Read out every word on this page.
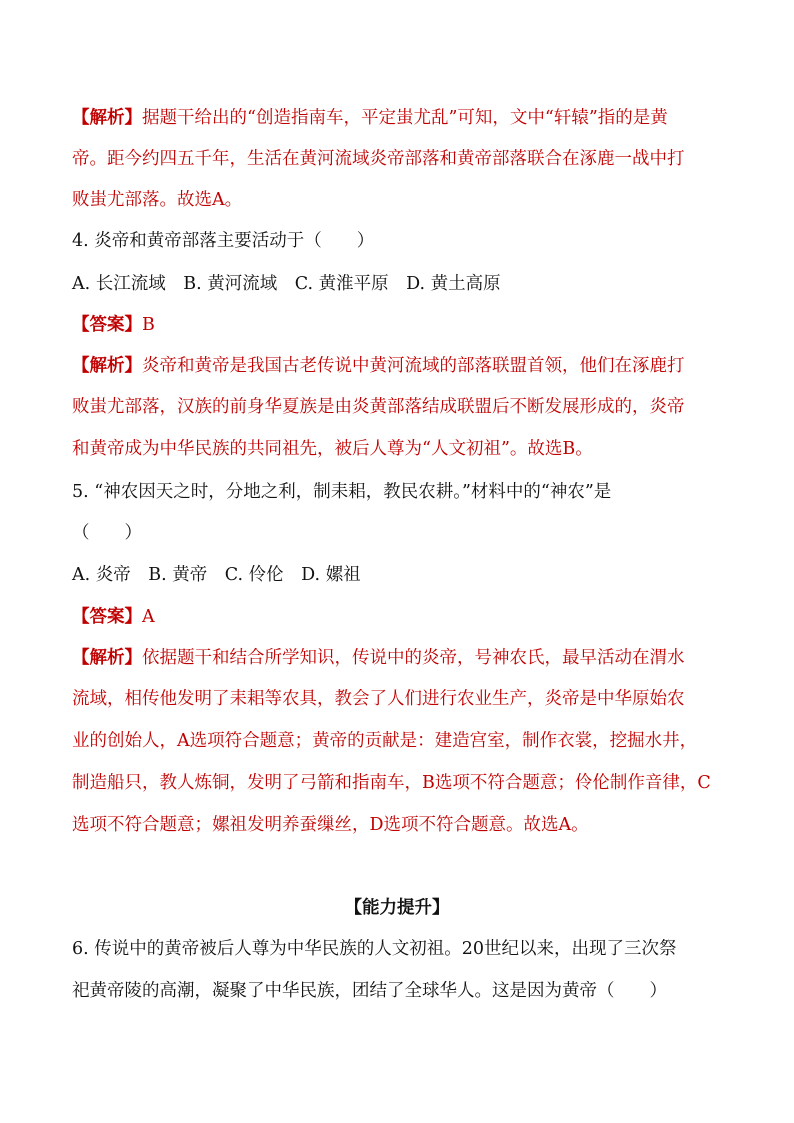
【解析】据题干给出的“创造指南车，平定蚩尤乱”可知，文中“轩辕”指的是黄
帝。距今约四五千年，生活在黄河流域炎帝部落和黄帝部落联合在涿鹿一战中打
败蚩尤部落。故选A。
4. 炎帝和黄帝部落主要活动于（　　）
A. 长江流域　B. 黄河流域　C. 黄淮平原　D. 黄土高原
【答案】B
【解析】炎帝和黄帝是我国古老传说中黄河流域的部落联盟首领，他们在涿鹿打
败蚩尤部落，汉族的前身华夏族是由炎黄部落结成联盟后不断发展形成的，炎帝
和黄帝成为中华民族的共同祖先，被后人尊为“人文初祖”。故选B。
5. “神农因天之时，分地之利，制耒耜，教民农耕。”材料中的“神农”是
（　　）
A. 炎帝　B. 黄帝　C. 伶伦　D. 嫘祖
【答案】A
【解析】依据题干和结合所学知识，传说中的炎帝，号神农氏，最早活动在渭水
流域，相传他发明了耒耜等农具，教会了人们进行农业生产，炎帝是中华原始农
业的创始人，A选项符合题意；黄帝的贡献是：建造宫室，制作衣裳，挖掘水井，
制造船只，教人炼铜，发明了弓箭和指南车，B选项不符合题意；伶伦制作音律，C
选项不符合题意；嫘祖发明养蚕缫丝，D选项不符合题意。故选A。
【能力提升】
6. 传说中的黄帝被后人尊为中华民族的人文初祖。20世纪以来，出现了三次祭
祀黄帝陵的高潮，凝聚了中华民族，团结了全球华人。这是因为黄帝（　　）
